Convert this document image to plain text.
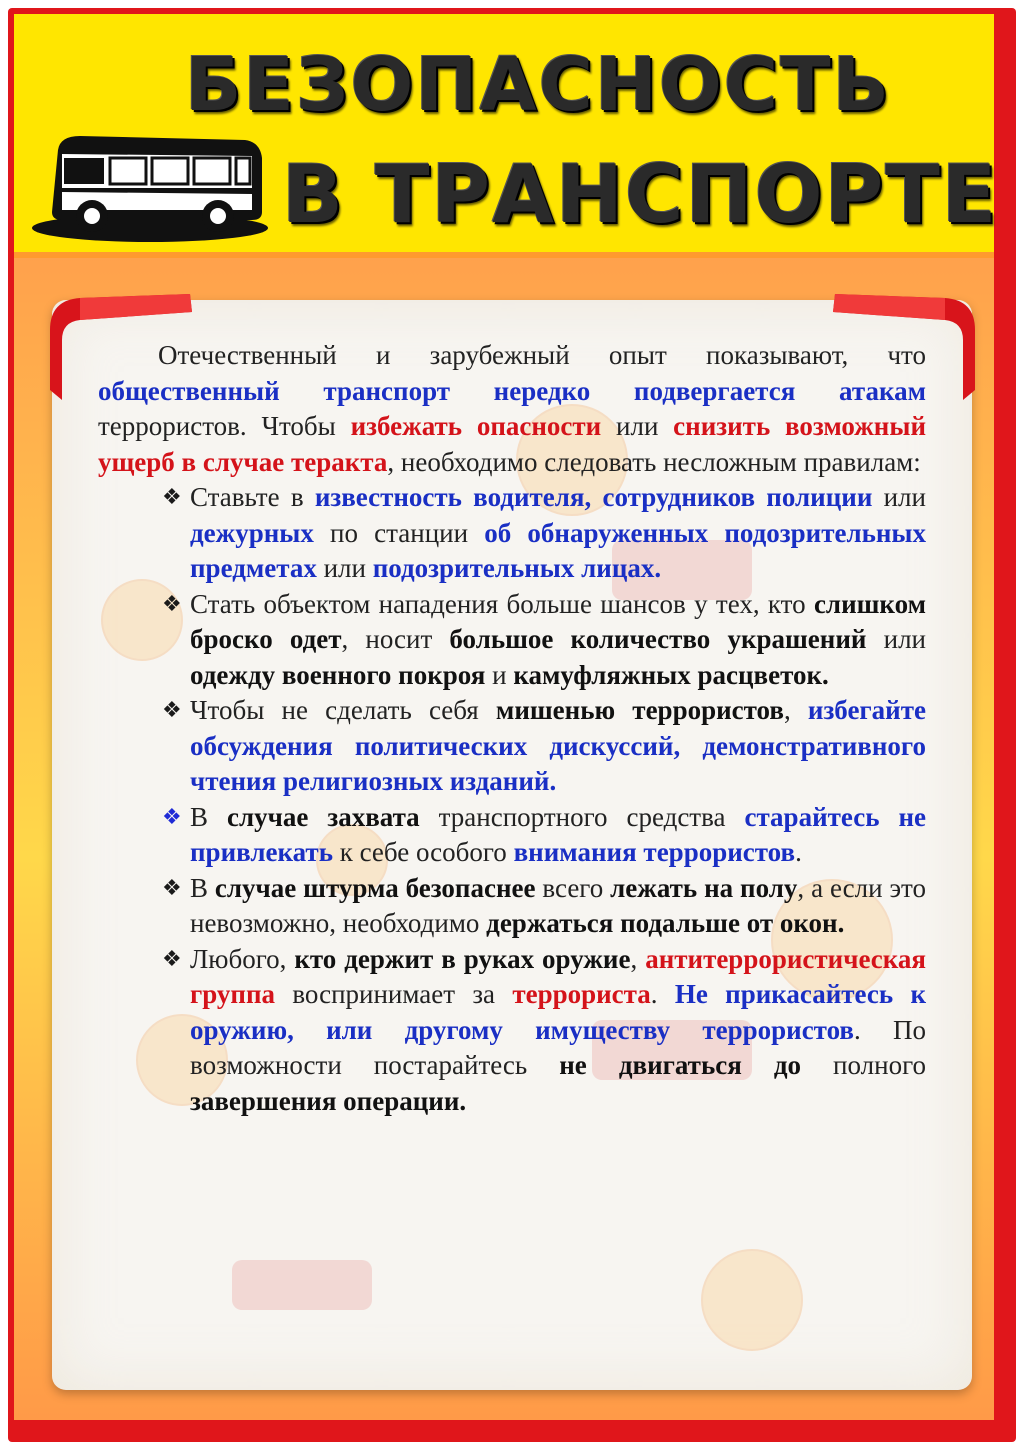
БЕЗОПАСНОСТЬ
В ТРАНСПОРТЕ

Отечественный и зарубежный опыт показывают, что общественный транспорт нередко подвергается атакам террористов. Чтобы избежать опасности или снизить возможный ущерб в случае теракта, необходимо следовать несложным правилам:

❖ Ставьте в известность водителя, сотрудников полиции или дежурных по станции об обнаруженных подозрительных предметах или подозрительных лицах.
❖ Стать объектом нападения больше шансов у тех, кто слишком броско одет, носит большое количество украшений или одежду военного покроя и камуфляжных расцветок.
❖ Чтобы не сделать себя мишенью террористов, избегайте обсуждения политических дискуссий, демонстративного чтения религиозных изданий.
❖ В случае захвата транспортного средства старайтесь не привлекать к себе особого внимания террористов.
❖ В случае штурма безопаснее всего лежать на полу, а если это невозможно, необходимо держаться подальше от окон.
❖ Любого, кто держит в руках оружие, антитеррористическая группа воспринимает за террориста. Не прикасайтесь к оружию, или другому имуществу террористов. По возможности постарайтесь не двигаться до полного завершения операции.
